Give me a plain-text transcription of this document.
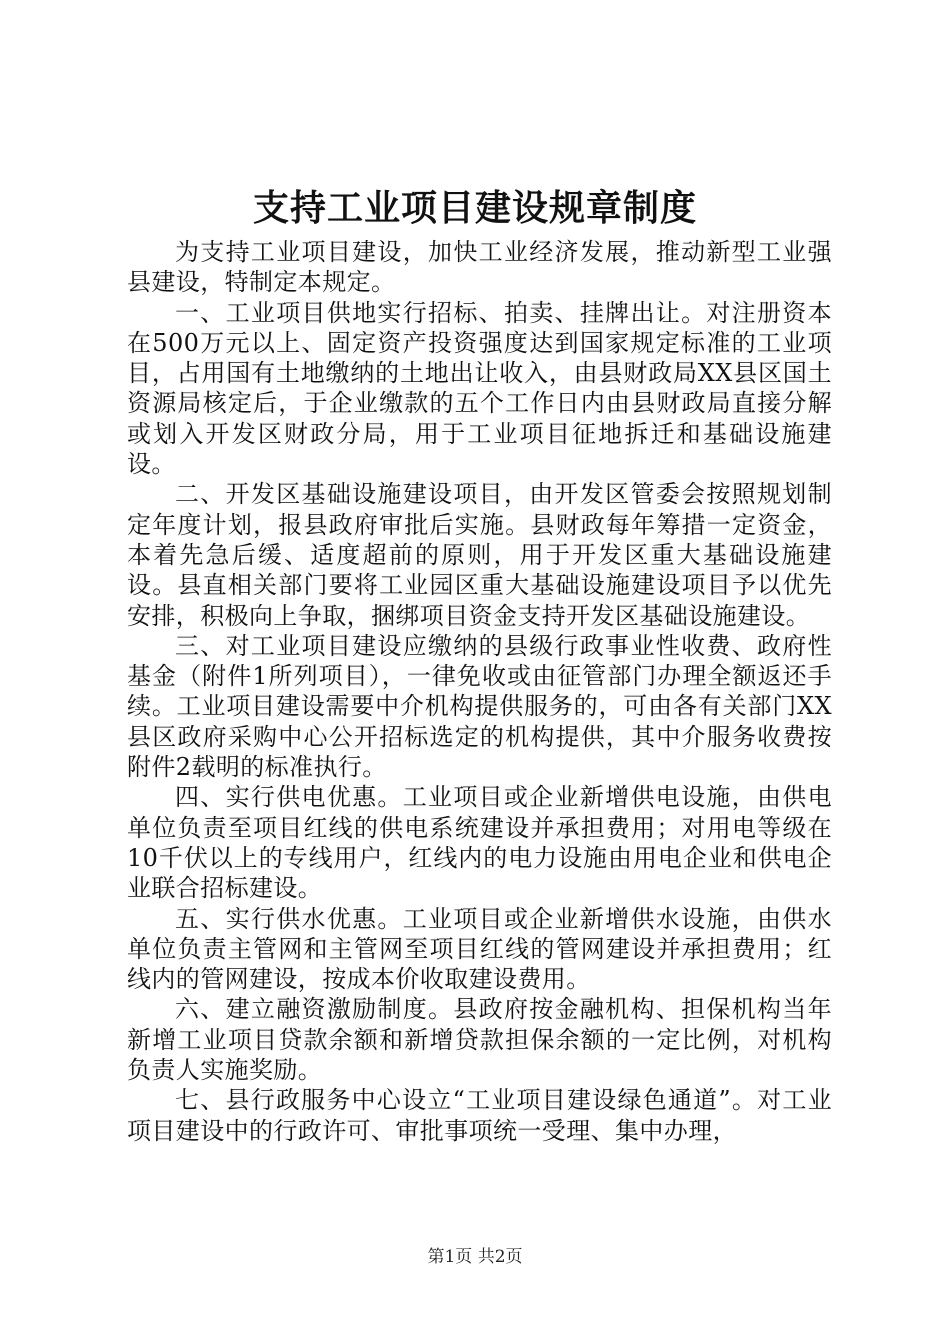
支持工业项目建设规章制度

为支持工业项目建设，加快工业经济发展，推动新型工业强县建设，特制定本规定。

一、工业项目供地实行招标、拍卖、挂牌出让。对注册资本在500万元以上、固定资产投资强度达到国家规定标准的工业项目，占用国有土地缴纳的土地出让收入，由县财政局XX县区国土资源局核定后，于企业缴款的五个工作日内由县财政局直接分解或划入开发区财政分局，用于工业项目征地拆迁和基础设施建设。

二、开发区基础设施建设项目，由开发区管委会按照规划制定年度计划，报县政府审批后实施。县财政每年筹措一定资金，本着先急后缓、适度超前的原则，用于开发区重大基础设施建设。县直相关部门要将工业园区重大基础设施建设项目予以优先安排，积极向上争取，捆绑项目资金支持开发区基础设施建设。

三、对工业项目建设应缴纳的县级行政事业性收费、政府性基金（附件1所列项目），一律免收或由征管部门办理全额返还手续。工业项目建设需要中介机构提供服务的，可由各有关部门XX县区政府采购中心公开招标选定的机构提供，其中介服务收费按附件2载明的标准执行。

四、实行供电优惠。工业项目或企业新增供电设施，由供电单位负责至项目红线的供电系统建设并承担费用；对用电等级在10千伏以上的专线用户，红线内的电力设施由用电企业和供电企业联合招标建设。

五、实行供水优惠。工业项目或企业新增供水设施，由供水单位负责主管网和主管网至项目红线的管网建设并承担费用；红线内的管网建设，按成本价收取建设费用。

六、建立融资激励制度。县政府按金融机构、担保机构当年新增工业项目贷款余额和新增贷款担保余额的一定比例，对机构负责人实施奖励。

七、县行政服务中心设立“工业项目建设绿色通道”。对工业项目建设中的行政许可、审批事项统一受理、集中办理，

第1页 共2页
